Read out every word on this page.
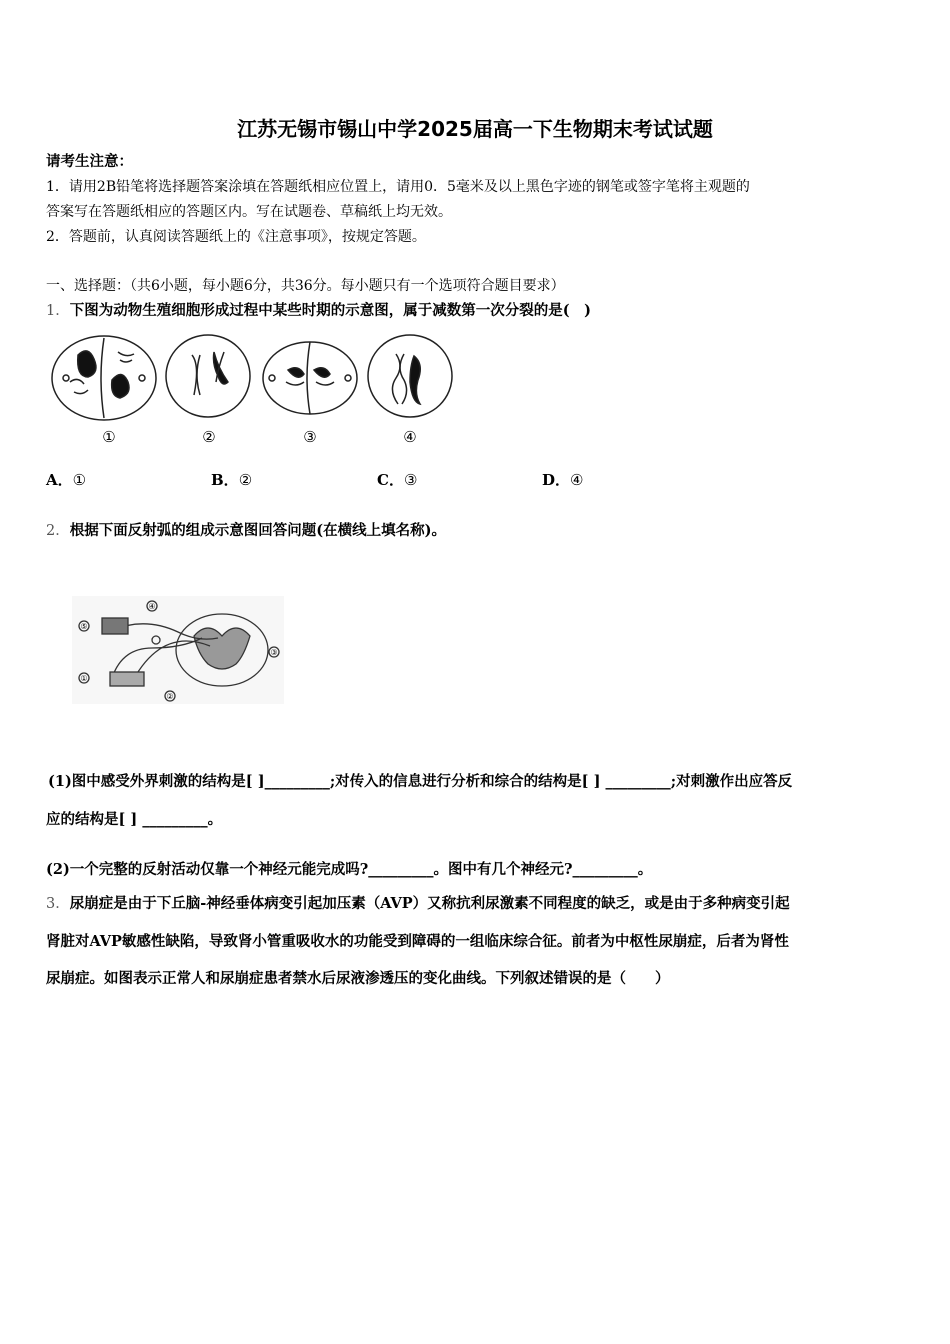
江苏无锡市锡山中学2025届高一下生物期末考试试题
请考生注意：
1．请用2B铅笔将选择题答案涂填在答题纸相应位置上，请用0．5毫米及以上黑色字迹的钢笔或签字笔将主观题的
答案写在答题纸相应的答题区内。写在试题卷、草稿纸上均无效。
2．答题前，认真阅读答题纸上的《注意事项》，按规定答题。
一、选择题：（共6小题，每小题6分，共36分。每小题只有一个选项符合题目要求）
1．下图为动物生殖细胞形成过程中某些时期的示意图，属于减数第一次分裂的是(　)
①	②	③	④
A．①	B．②	C．③	D．④
2．根据下面反射弧的组成示意图回答问题(在横线上填名称)。
⑤
④
③
①
②
(1)图中感受外界刺激的结构是[ ]_________;对传入的信息进行分析和综合的结构是[ ] _________;对刺激作出应答反
应的结构是[ ] _________。
(2)一个完整的反射活动仅靠一个神经元能完成吗?_________。图中有几个神经元?_________。
3．尿崩症是由于下丘脑-神经垂体病变引起加压素（AVP）又称抗利尿激素不同程度的缺乏，或是由于多种病变引起
肾脏对AVP敏感性缺陷，导致肾小管重吸收水的功能受到障碍的一组临床综合征。前者为中枢性尿崩症，后者为肾性
尿崩症。如图表示正常人和尿崩症患者禁水后尿液渗透压的变化曲线。下列叙述错误的是（　　）
